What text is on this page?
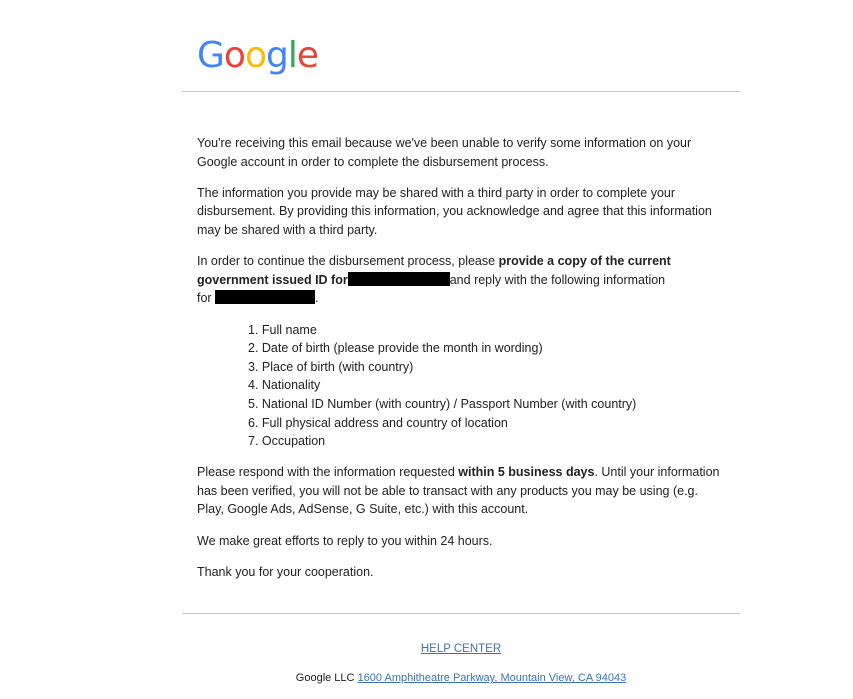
Google

You're receiving this email because we've been unable to verify some information on your Google account in order to complete the disbursement process.

The information you provide may be shared with a third party in order to complete your disbursement. By providing this information, you acknowledge and agree that this information may be shared with a third party.

In order to continue the disbursement process, please provide a copy of the current government issued ID for	and reply with the following information
for	.

1. Full name
2. Date of birth (please provide the month in wording)
3. Place of birth (with country)
4. Nationality
5. National ID Number (with country) / Passport Number (with country)
6. Full physical address and country of location
7. Occupation

Please respond with the information requested within 5 business days. Until your information has been verified, you will not be able to transact with any products you may be using (e.g. Play, Google Ads, AdSense, G Suite, etc.) with this account.

We make great efforts to reply to you within 24 hours.

Thank you for your cooperation.

HELP CENTER
Google LLC 1600 Amphitheatre Parkway, Mountain View, CA 94043
